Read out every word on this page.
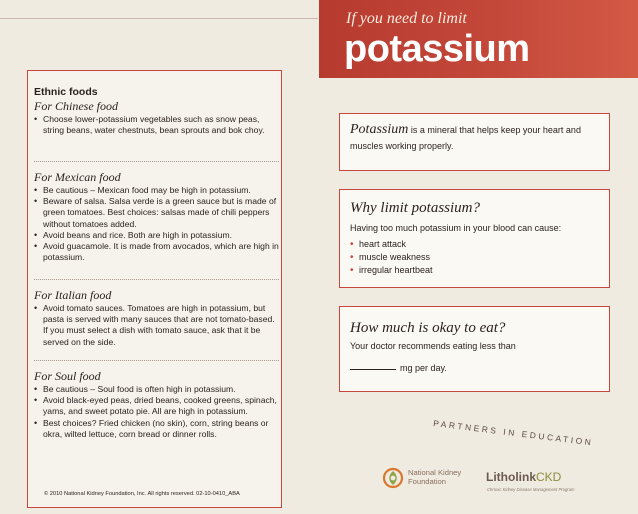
Ethnic foods

For Chinese food

• Choose lower-potassium vegetables such as snow peas, string beans, water chestnuts, bean sprouts and bok choy.

For Mexican food

• Be cautious – Mexican food may be high in potassium.
• Beware of salsa. Salsa verde is a green sauce but is made of green tomatoes. Best choices: salsas made of chili peppers without tomatoes added.
• Avoid beans and rice. Both are high in potassium.
• Avoid guacamole. It is made from avocados, which are high in potassium.

For Italian food

• Avoid tomato sauces. Tomatoes are high in potassium, but pasta is served with many sauces that are not tomato-based. If you must select a dish with tomato sauce, ask that it be served on the side.

For Soul food

• Be cautious – Soul food is often high in potassium.
• Avoid black-eyed peas, dried beans, cooked greens, spinach, yams, and sweet potato pie. All are high in potassium.
• Best choices? Fried chicken (no skin), corn, string beans or okra, wilted lettuce, corn bread or dinner rolls.
© 2010 National Kidney Foundation, Inc. All rights reserved. 02-10-0410_ABA
If you need to limit
potassium
Potassium is a mineral that helps keep your heart and muscles working properly.
Why limit potassium?
Having too much potassium in your blood can cause:
• heart attack
• muscle weakness
• irregular heartbeat
How much is okay to eat?
Your doctor recommends eating less than
mg per day.
PARTNERS IN EDUCATION
National Kidney Foundation	LitholinkCKD
Chronic Kidney Disease Management Program
